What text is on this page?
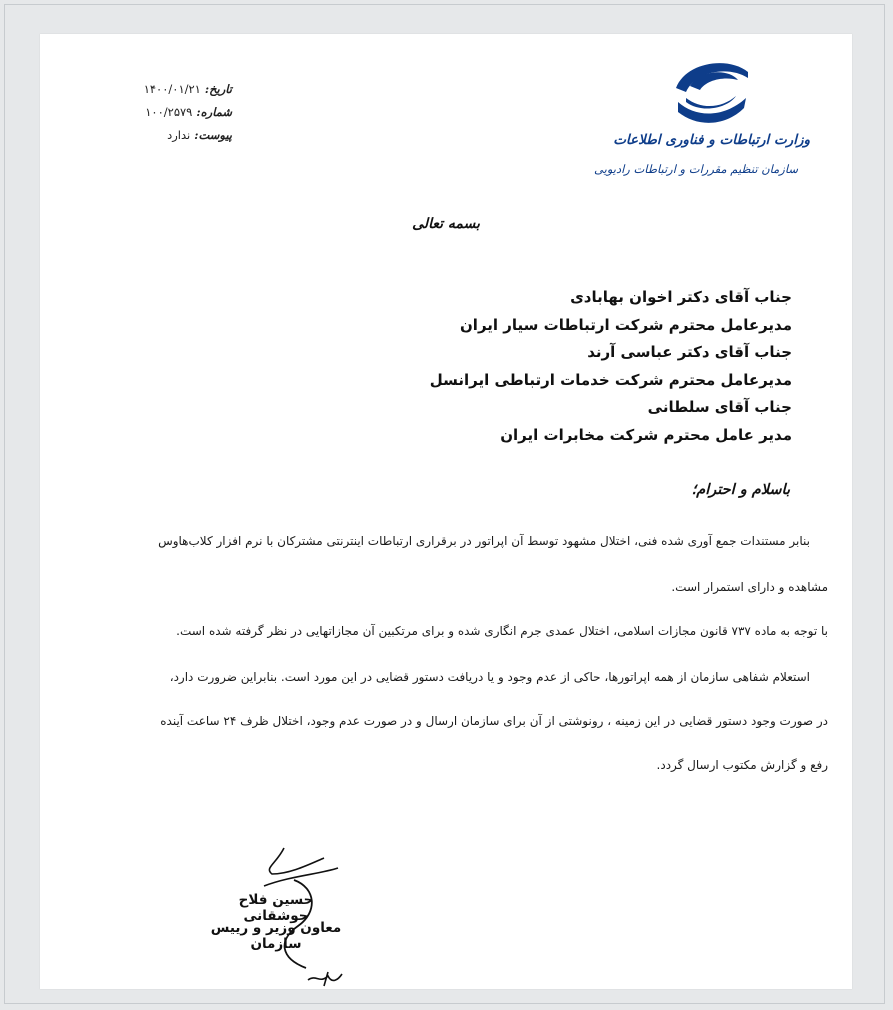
تاریخ:۱۴۰۰/۰۱/۲۱
شماره:۱۰۰/۲۵۷۹
پیوست:ندارد	وزارت ارتباطات و فناوری اطلاعات
سازمان تنظیم مقررات و ارتباطات رادیویی
بسمه تعالی
جناب آقای دکتر اخوان بهابادی
مدیرعامل محترم شرکت ارتباطات سیار ایران
جناب آقای دکتر عباسی آرند
مدیرعامل محترم شرکت خدمات ارتباطی ایرانسل
جناب آقای سلطانی
مدیر عامل محترم شرکت مخابرات ایران
باسلام و احترام؛
بنابر مستندات جمع آوری شده فنی، اختلال مشهود توسط آن اپراتور در برقراری ارتباطات اینترنتی مشترکان با نرم افزار کلاب‌هاوس
مشاهده و دارای استمرار است.
با توجه به ماده ۷۳۷ قانون مجازات اسلامی، اختلال عمدی جرم انگاری شده و برای مرتکبین آن مجازاتهایی در نظر گرفته شده است.
استعلام شفاهی سازمان از همه اپراتورها، حاکی از عدم وجود و یا دریافت دستور قضایی در این مورد است. بنابراین ضرورت دارد،
در صورت وجود دستور قضایی در این زمینه ، رونوشتی از آن برای سازمان ارسال و در صورت عدم وجود، اختلال ظرف ۲۴ ساعت آینده
رفع و گزارش مکتوب ارسال گردد.
حسین فلاح جوشقانی
معاون وزیر و رییس سازمان
